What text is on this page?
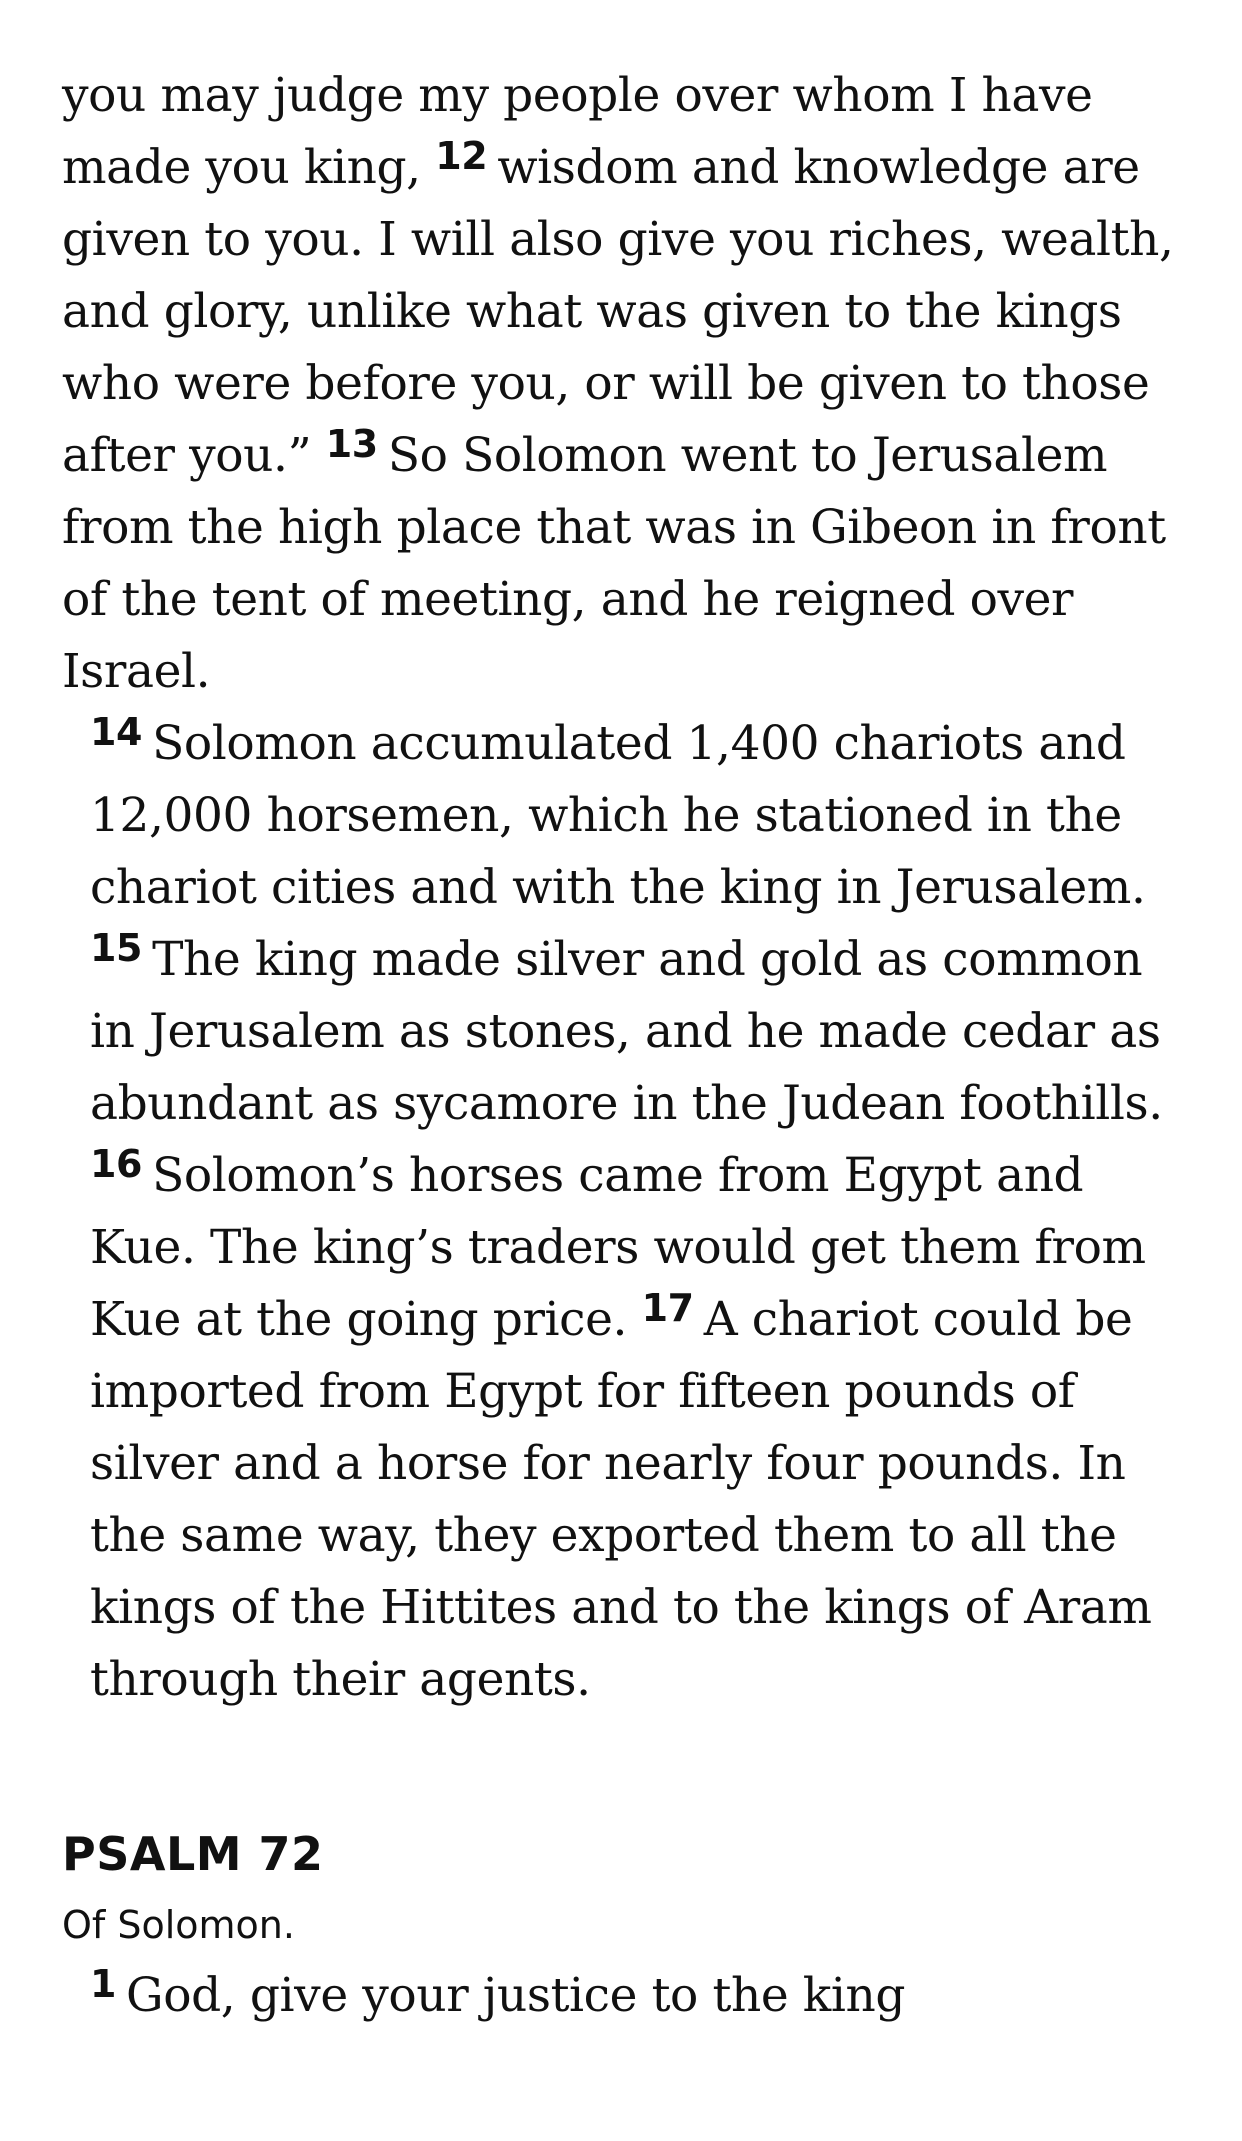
you may judge my people over whom I have made you king, $^{12}$ wisdom and knowledge are given to you. I will also give you riches, wealth, and glory, unlike what was given to the kings who were before you, or will be given to those after you.” $^{13}$ So Solomon went to Jerusalem from the high place that was in Gibeon in front of the tent of meeting, and he reigned over Israel.

$^{14}$ Solomon accumulated 1,400 chariots and 12,000 horsemen, which he stationed in the chariot cities and with the king in Jerusalem. $^{15}$ The king made silver and gold as common in Jerusalem as stones, and he made cedar as abundant as sycamore in the Judean foothills. $^{16}$ Solomon’s horses came from Egypt and Kue. The king’s traders would get them from Kue at the going price. $^{17}$ A chariot could be imported from Egypt for fifteen pounds of silver and a horse for nearly four pounds. In the same way, they exported them to all the kings of the Hittites and to the kings of Aram through their agents.

PSALM 72
Of Solomon.
$^1$ God, give your justice to the king
